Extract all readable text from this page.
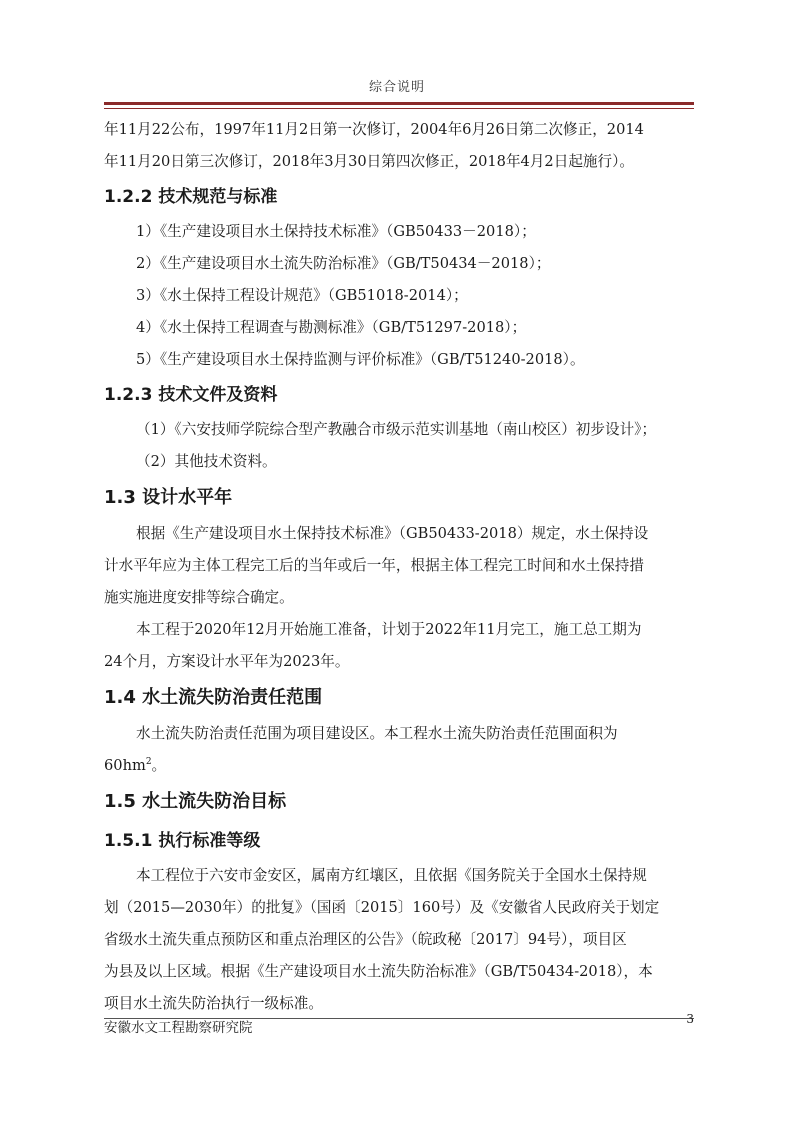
综合说明

年11月22公布，1997年11月2日第一次修订，2004年6月26日第二次修正，2014

年11月20日第三次修订，2018年3月30日第四次修正，2018年4月2日起施行）。

1.2.2 技术规范与标准

1）《生产建设项目水土保持技术标准》（GB50433－2018）；

2）《生产建设项目水土流失防治标准》（GB/T50434－2018）；

3）《水土保持工程设计规范》（GB51018-2014）；

4）《水土保持工程调查与勘测标准》（GB/T51297-2018）；

5）《生产建设项目水土保持监测与评价标准》（GB/T51240-2018）。

1.2.3 技术文件及资料

（1）《六安技师学院综合型产教融合市级示范实训基地（南山校区）初步设计》；

（2）其他技术资料。

1.3 设计水平年

根据《生产建设项目水土保持技术标准》（GB50433-2018）规定，水土保持设

计水平年应为主体工程完工后的当年或后一年，根据主体工程完工时间和水土保持措

施实施进度安排等综合确定。

本工程于2020年12月开始施工准备，计划于2022年11月完工，施工总工期为

24个月，方案设计水平年为2023年。

1.4 水土流失防治责任范围

水土流失防治责任范围为项目建设区。本工程水土流失防治责任范围面积为

$60hm^2$。

1.5 水土流失防治目标
1.5.1 执行标准等级

本工程位于六安市金安区，属南方红壤区，且依据《国务院关于全国水土保持规

划（2015—2030年）的批复》（国函〔2015〕160号）及《安徽省人民政府关于划定

省级水土流失重点预防区和重点治理区的公告》（皖政秘〔2017〕94号），项目区

为县及以上区域。根据《生产建设项目水土流失防治标准》（GB/T50434-2018），本

项目水土流失防治执行一级标准。

安徽水文工程勘察研究院
3
